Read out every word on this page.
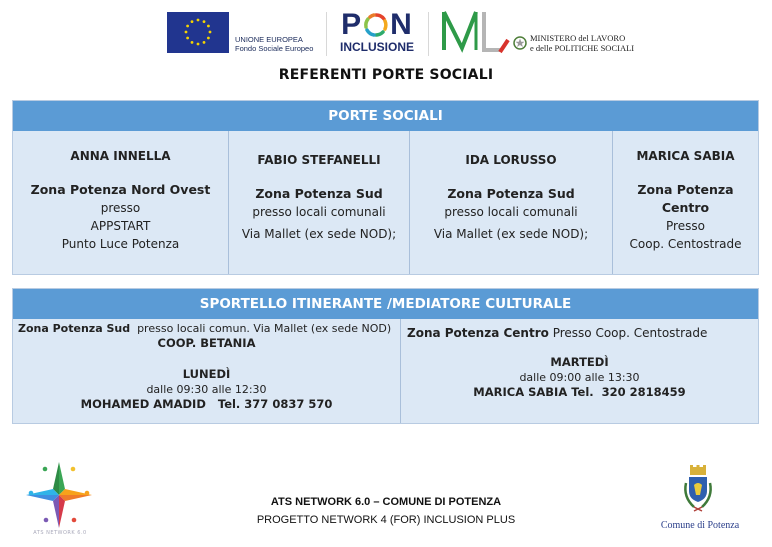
UNIONE EUROPEA
Fondo Sociale Europeo
P N
INCLUSIONE
MINISTERO del LAVORO
e delle POLITICHE SOCIALI
REFERENTI PORTE SOCIALI
PORTE SOCIALI
ANNA INNELLA
Zona Potenza Nord Ovest
presso
APPSTART
Punto Luce Potenza
FABIO STEFANELLI
Zona Potenza Sud
presso locali comunali
Via Mallet (ex sede NOD);
IDA LORUSSO
Zona Potenza Sud
presso locali comunali
Via Mallet (ex sede NOD);
MARICA SABIA
Zona Potenza Centro
Presso
Coop. Centostrade
SPORTELLO ITINERANTE /MEDIATORE CULTURALE
Zona Potenza Sud presso locali comun. Via Mallet (ex sede NOD)
COOP. BETANIA
LUNEDÌ
dalle 09:30 alle 12:30
MOHAMED AMADID   Tel. 377 0837 570
Zona Potenza Centro Presso Coop. Centostrade
MARTEDÌ
dalle 09:00 alle 13:30
MARICA SABIA Tel.  320 2818459
ATS NETWORK 6.0
ATS NETWORK 6.0 – COMUNE DI POTENZA
PROGETTO NETWORK 4 (FOR) INCLUSION PLUS	Comune di Potenza
